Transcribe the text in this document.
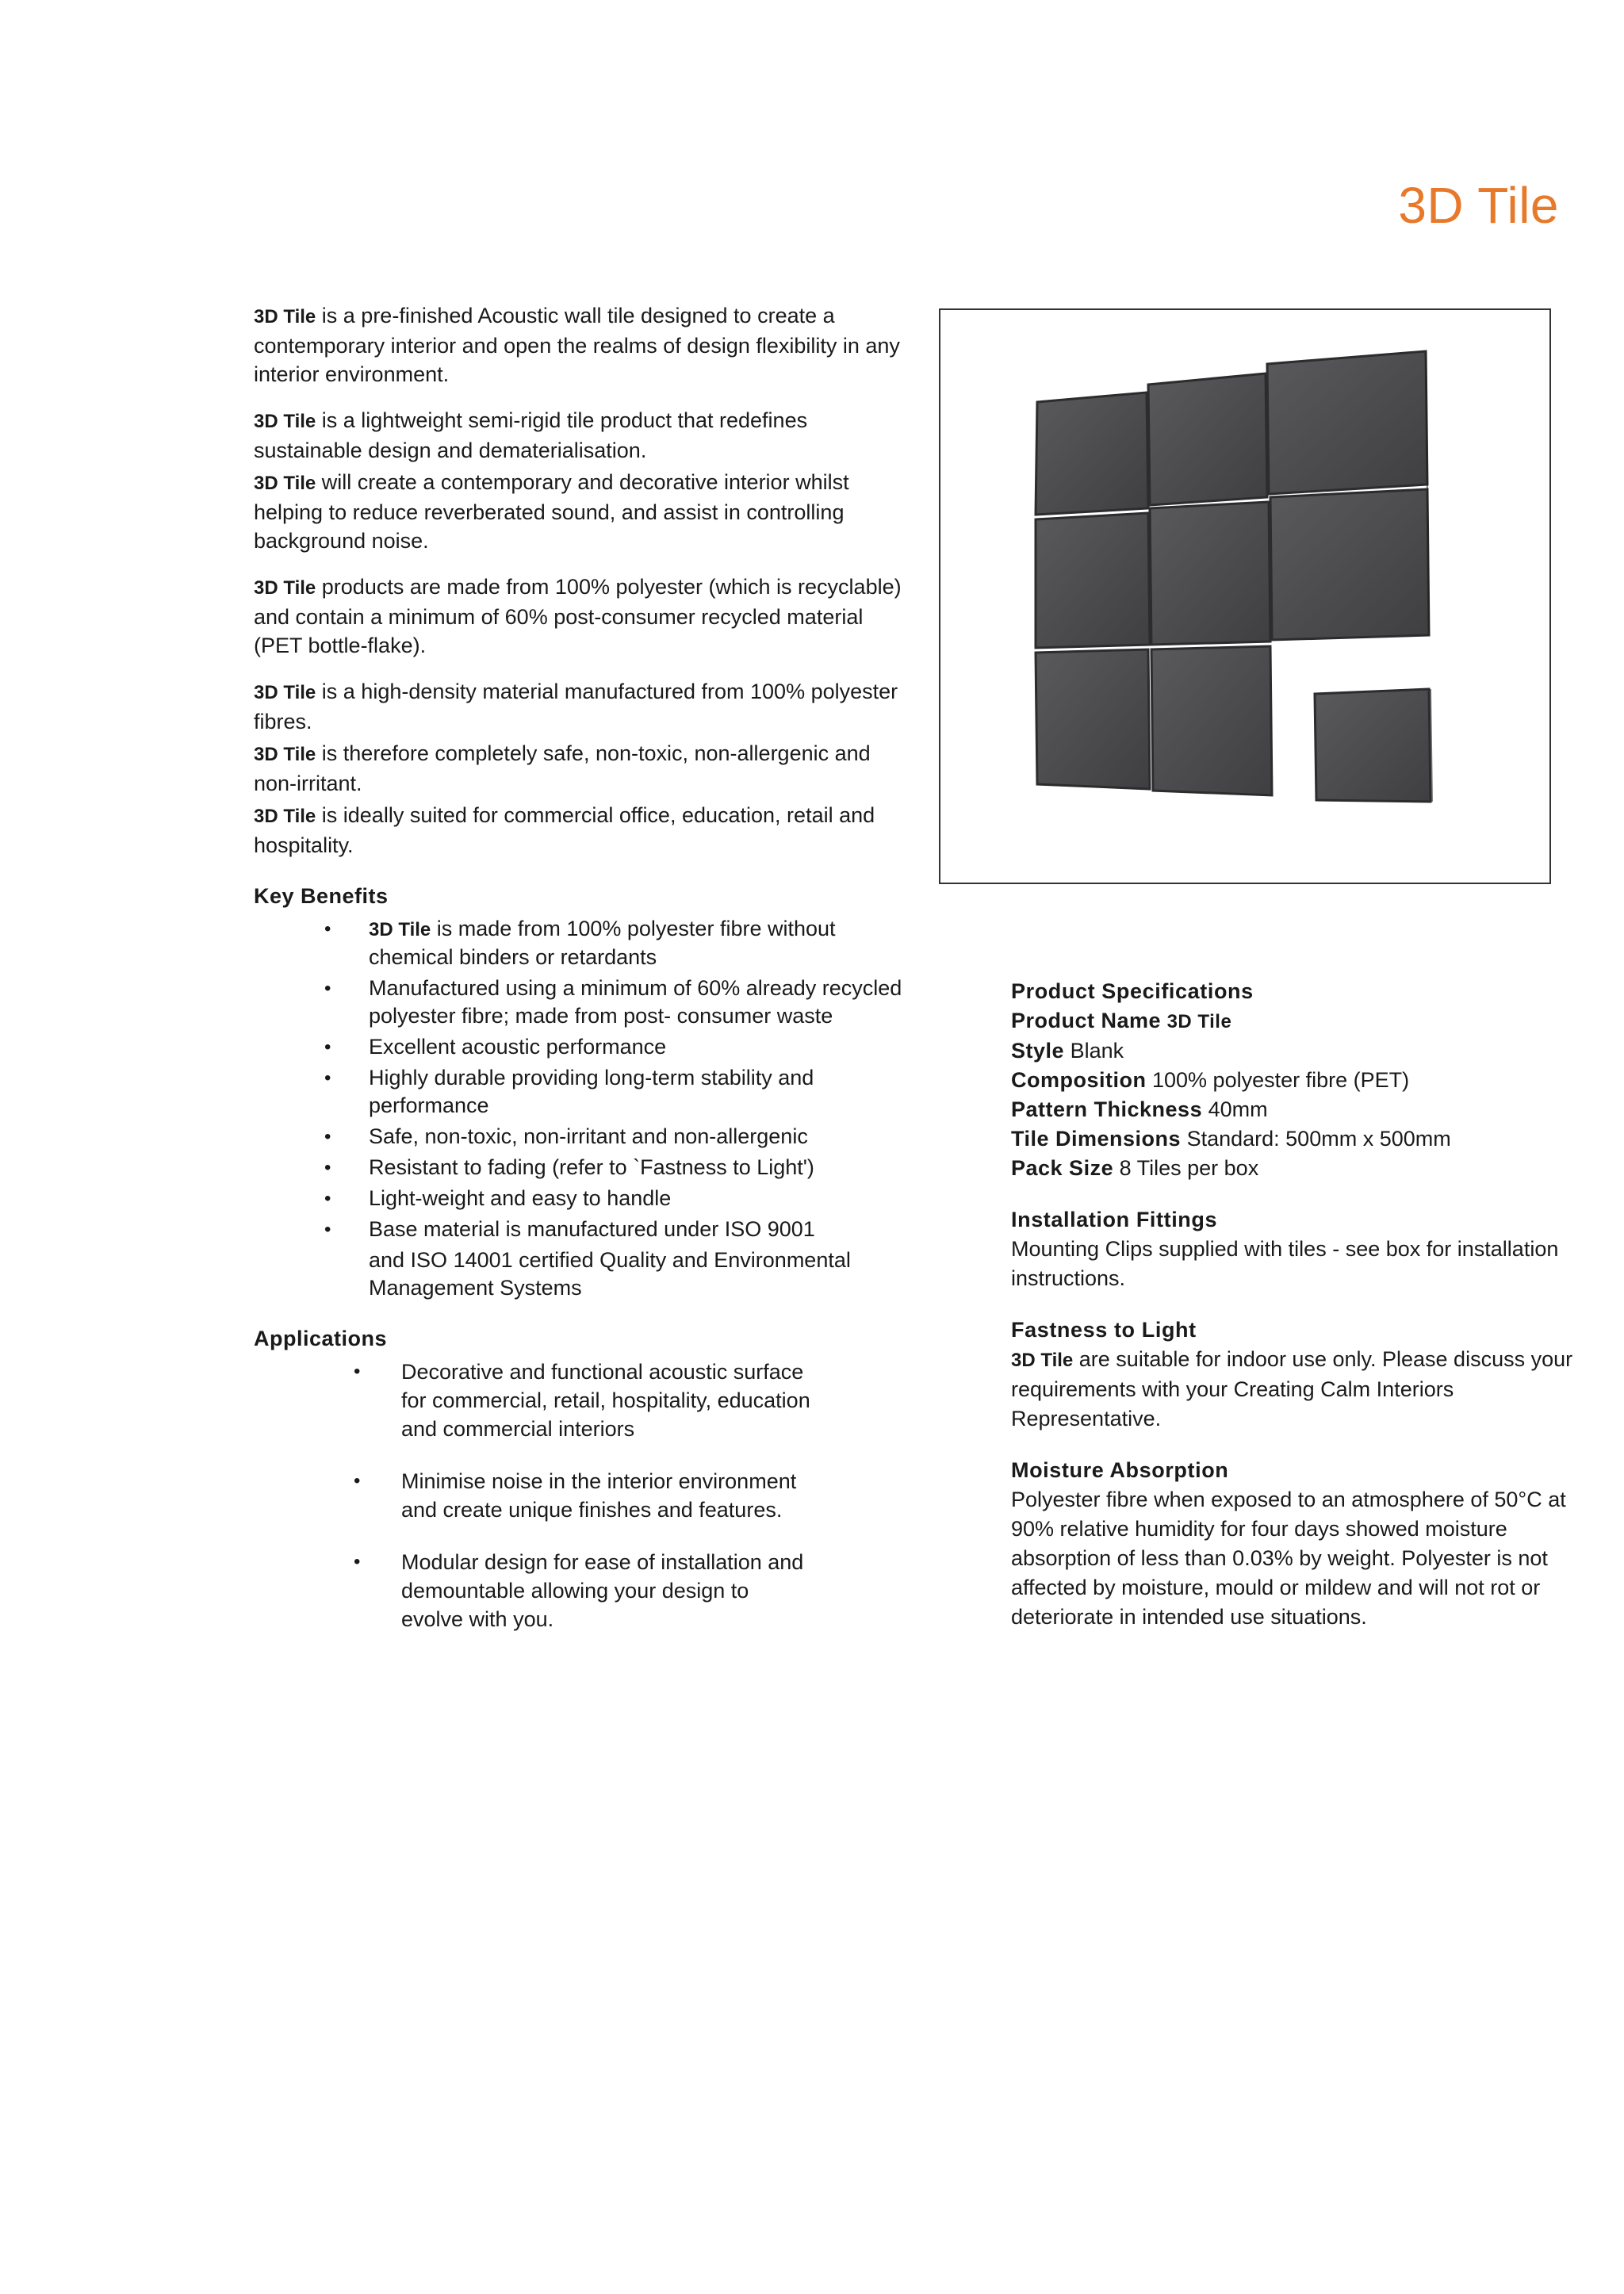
3D Tile

3D Tile is a pre-finished Acoustic wall tile designed to create a contemporary interior and open the realms of design flexibility in any interior environment.

3D Tile is a lightweight semi-rigid tile product that redefines sustainable design and dematerialisation.

3D Tile will create a contemporary and decorative interior whilst helping to reduce reverberated sound, and assist in controlling background noise.

3D Tile products are made from 100% polyester (which is recyclable) and contain a minimum of 60% post-consumer recycled material (PET bottle-flake).

3D Tile is a high-density material manufactured from 100% polyester fibres.

3D Tile is therefore completely safe, non-toxic, non-allergenic and non-irritant.

3D Tile is ideally suited for commercial office, education, retail and hospitality.

Key Benefits
• 3D Tile is made from 100% polyester fibre without chemical binders or retardants
• Manufactured using a minimum of 60% already recycled polyester fibre; made from post- consumer waste
• Excellent acoustic performance
• Highly durable providing long-term stability and performance
• Safe, non-toxic, non-irritant and non-allergenic
• Resistant to fading (refer to `Fastness to Light')
• Light-weight and easy to handle
• Base material is manufactured under ISO 9001
and ISO 14001 certified Quality and Environmental Management Systems
Applications
• Decorative and functional acoustic surface for commercial, retail, hospitality, education and commercial interiors
• Minimise noise in the interior environment and create unique finishes and features.
• Modular design for ease of installation and demountable allowing your design to evolve with you.
Product Specifications
Product Name 3D Tile
Style Blank
Composition 100% polyester fibre (PET)
Pattern Thickness 40mm
Tile Dimensions Standard: 500mm x 500mm
Pack Size 8 Tiles per box
Installation Fittings
Mounting Clips supplied with tiles - see box for installation instructions.
Fastness to Light
3D Tile are suitable for indoor use only. Please discuss your requirements with your Creating Calm Interiors Representative.
Moisture Absorption
Polyester fibre when exposed to an atmosphere of 50°C at 90% relative humidity for four days showed moisture absorption of less than 0.03% by weight. Polyester is not affected by moisture, mould or mildew and will not rot or deteriorate in intended use situations.
